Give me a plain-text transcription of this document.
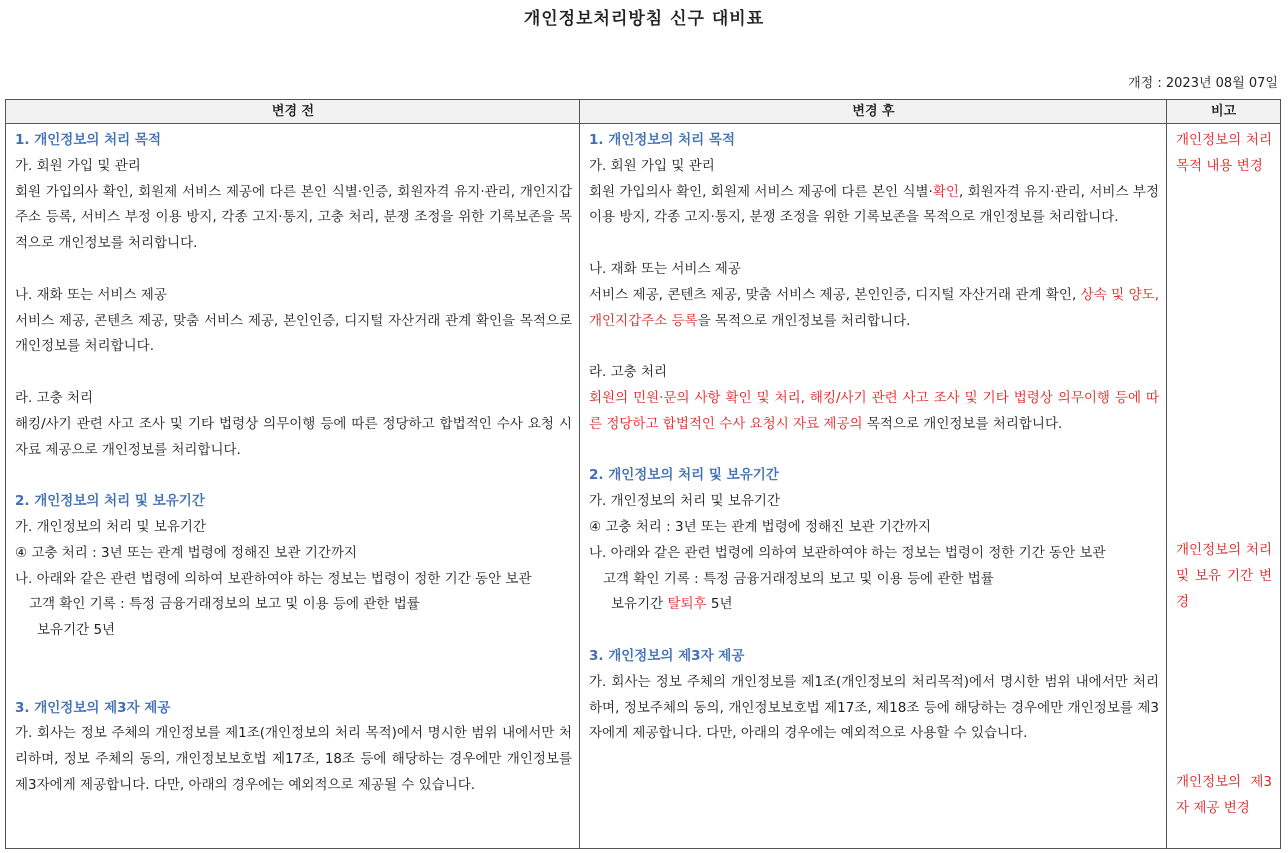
개인정보처리방침 신구 대비표
개정 : 2023년 08월 07일
변경 전	변경 후	비고

1. 개인정보의 처리 목적

가. 회원 가입 및 관리

회원 가입의사 확인, 회원제 서비스 제공에 다른 본인 식별·인증, 회원자격 유지·관리, 개인지갑주소 등록, 서비스 부정 이용 방지, 각종 고지·통지, 고충 처리, 분쟁 조정을 위한 기록보존을 목적으로 개인정보를 처리합니다.

나. 재화 또는 서비스 제공

서비스 제공, 콘텐츠 제공, 맞춤 서비스 제공, 본인인증, 디지털 자산거래 관계 확인을 목적으로 개인정보를 처리합니다.

라. 고충 처리

해킹/사기 관련 사고 조사 및 기타 법령상 의무이행 등에 따른 정당하고 합법적인 수사 요청 시 자료 제공으로 개인정보를 처리합니다.

2. 개인정보의 처리 및 보유기간

가. 개인정보의 처리 및 보유기간

④ 고충 처리 : 3년 또는 관계 법령에 정해진 보관 기간까지

나. 아래와 같은 관련 법령에 의하여 보관하여야 하는 정보는 법령이 정한 기간 동안 보관

고객 확인 기록 : 특정 금융거래정보의 보고 및 이용 등에 관한 법률

보유기간 5년

3. 개인정보의 제3자 제공

가. 회사는 정보 주체의 개인정보를 제1조(개인정보의 처리 목적)에서 명시한 범위 내에서만 처리하며, 정보 주체의 동의, 개인정보보호법 제17조, 18조 등에 해당하는 경우에만 개인정보를 제3자에게 제공합니다. 다만, 아래의 경우에는 예외적으로 제공될 수 있습니다.

1. 개인정보의 처리 목적

가. 회원 가입 및 관리

회원 가입의사 확인, 회원제 서비스 제공에 다른 본인 식별·확인, 회원자격 유지·관리, 서비스 부정 이용 방지, 각종 고지·통지, 분쟁 조정을 위한 기록보존을 목적으로 개인정보를 처리합니다.

나. 재화 또는 서비스 제공

서비스 제공, 콘텐츠 제공, 맞춤 서비스 제공, 본인인증, 디지털 자산거래 관계 확인, 상속 및 양도, 개인지갑주소 등록을 목적으로 개인정보를 처리합니다.

라. 고충 처리

회원의 민원·문의 사항 확인 및 처리, 해킹/사기 관련 사고 조사 및 기타 법령상 의무이행 등에 따른 정당하고 합법적인 수사 요청시 자료 제공의 목적으로 개인정보를 처리합니다.

2. 개인정보의 처리 및 보유기간

가. 개인정보의 처리 및 보유기간

④ 고충 처리 : 3년 또는 관계 법령에 정해진 보관 기간까지

나. 아래와 같은 관련 법령에 의하여 보관하여야 하는 정보는 법령이 정한 기간 동안 보관

고객 확인 기록 : 특정 금융거래정보의 보고 및 이용 등에 관한 법률

보유기간 탈퇴후 5년

3. 개인정보의 제3자 제공

가. 회사는 정보 주체의 개인정보를 제1조(개인정보의 처리목적)에서 명시한 범위 내에서만 처리하며, 정보주체의 동의, 개인정보보호법 제17조, 제18조 등에 해당하는 경우에만 개인정보를 제3자에게 제공합니다. 다만, 아래의 경우에는 예외적으로 사용할 수 있습니다.

개인정보의 처리 목적 내용 변경
개인정보의 처리 및 보유 기간 변경
개인정보의 제3자 제공 변경
